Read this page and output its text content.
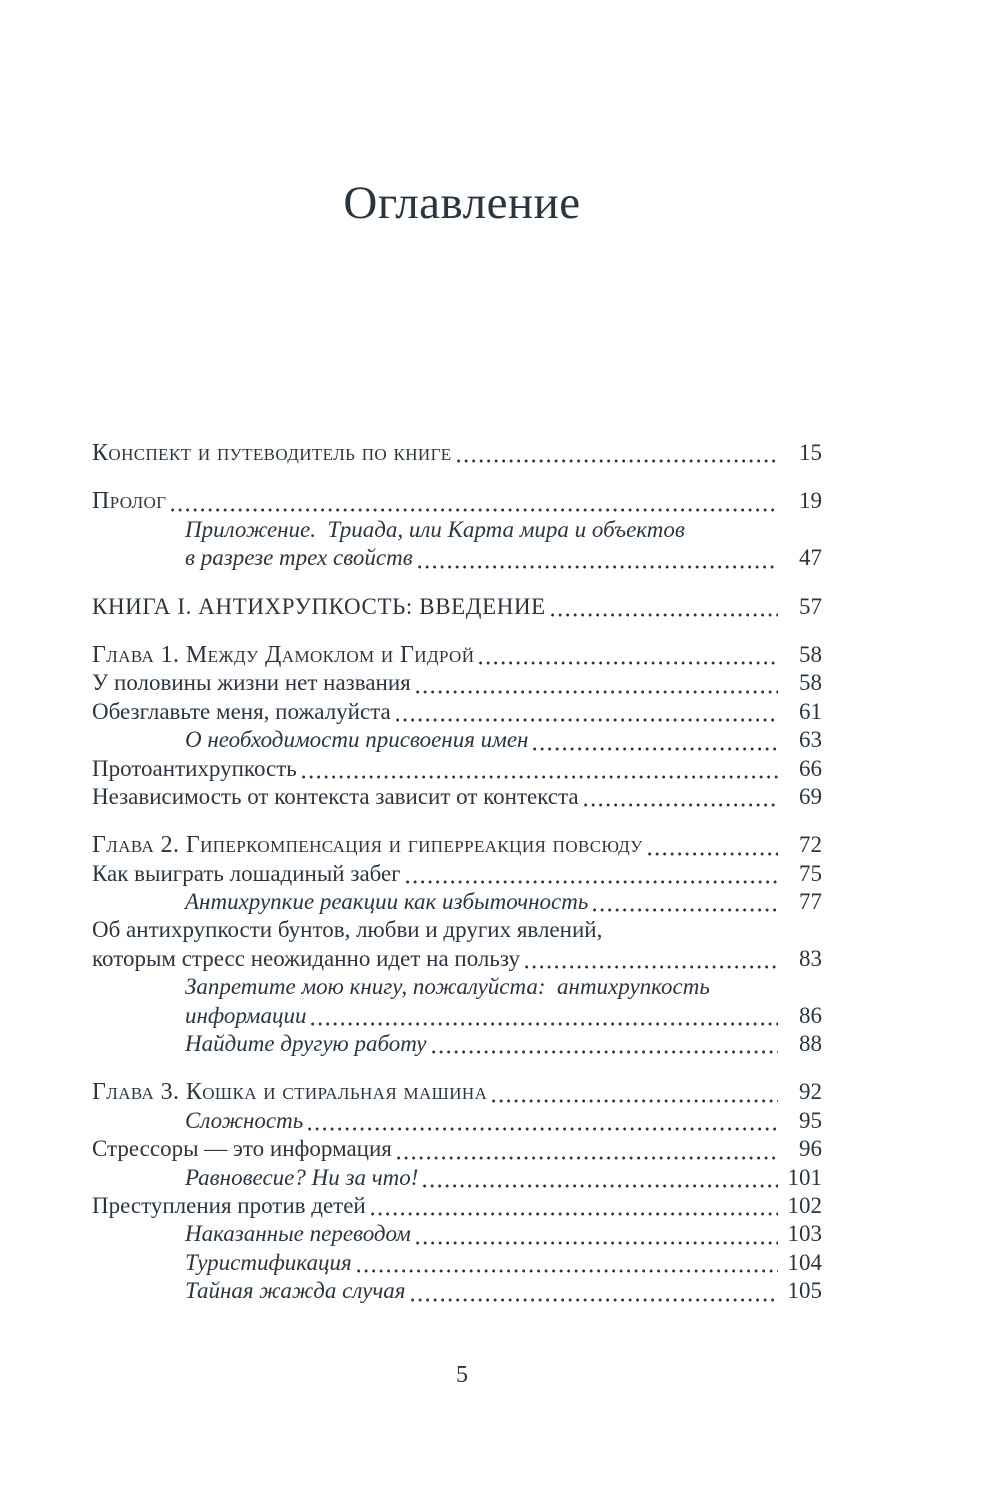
Оглавление
Конспект и путеводитель по книге	15
Пролог	19
Приложение. Триада, или Карта мира и объектов
в разрезе трех свойств	47
КНИГА I. АНТИХРУПКОСТЬ: ВВЕДЕНИЕ	57
Глава 1. Между Дамоклом и Гидрой	58
У половины жизни нет названия	58
Обезглавьте меня, пожалуйста	61
О необходимости присвоения имен	63
Протоантихрупкость	66
Независимость от контекста зависит от контекста	69
Глава 2. Гиперкомпенсация и гиперреакция повсюду	72
Как выиграть лошадиный забег	75
Антихрупкие реакции как избыточность	77
Об антихрупкости бунтов, любви и других явлений,
которым стресс неожиданно идет на пользу	83
Запретите мою книгу, пожалуйста: антихрупкость
информации	86
Найдите другую работу	88
Глава 3. Кошка и стиральная машина	92
Сложность	95
Стрессоры — это информация	96
Равновесие? Ни за что!	101
Преступления против детей	102
Наказанные переводом	103
Туристификация	104
Тайная жажда случая	105
5
